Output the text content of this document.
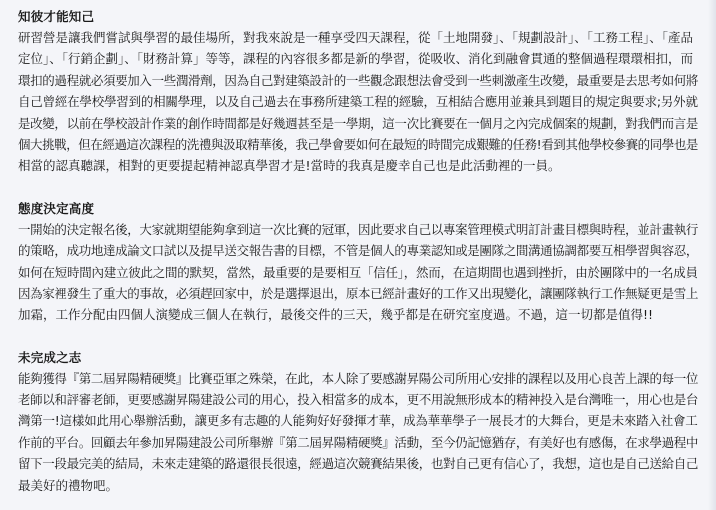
知彼才能知己

研習營是讓我們嘗試與學習的最佳場所，對我來說是一種享受四天課程，從「土地開發」、「規劃設計」、「工務工程」、「產品
定位」、「行銷企劃」、「財務計算」等等，課程的內容很多都是新的學習，從吸收、消化到融會貫通的整個過程環環相扣，而
環扣的過程就必須要加入一些潤滑劑，因為自己對建築設計的一些觀念跟想法會受到一些刺激產生改變，最重要是去思考如何將
自己曾經在學校學習到的相關學理，以及自己過去在事務所建築工程的經驗，互相結合應用並兼具到題目的規定與要求;另外就
是改變，以前在學校設計作業的創作時間都是好幾週甚至是一學期，這一次比賽要在一個月之內完成個案的規劃，對我們而言是
個大挑戰，但在經過這次課程的洗禮與汲取精華後，我己學會要如何在最短的時間完成艱難的任務!看到其他學校參賽的同學也是
相當的認真聽課，相對的更要提起精神認真學習才是!當時的我真是慶幸自己也是此活動裡的一員。

態度決定高度

一開始的決定報名後，大家就期望能夠拿到這一次比賽的冠軍，因此要求自己以專案管理模式明訂計畫目標與時程，並計畫執行
的策略，成功地達成論文口試以及提早送交報告書的目標，不管是個人的專業認知或是團隊之間溝通協調都要互相學習與容忍，
如何在短時間內建立彼此之間的默契，當然，最重要的是要相互「信任」，然而，在這期間也遇到挫折，由於團隊中的一名成員
因為家裡發生了重大的事故，必須趕回家中，於是選擇退出，原本已經計畫好的工作又出現變化，讓團隊執行工作無疑更是雪上
加霜，工作分配由四個人演變成三個人在執行，最後交件的三天，幾乎都是在研究室度過。不過，這一切都是值得!!

未完成之志

能夠獲得『第二屆昇陽精硬獎』比賽亞軍之殊榮，在此，本人除了要感謝昇陽公司所用心安排的課程以及用心良苦上課的每一位
老師以和評審老師，更要感謝昇陽建設公司的用心，投入相當多的成本，更不用說無形成本的精神投入是台灣唯一，用心也是台
灣第一!這樣如此用心舉辦活動，讓更多有志趣的人能夠好好發揮才華，成為華華學子一展長才的大舞台，更是未來踏入社會工
作前的平台。回顧去年參加昇陽建設公司所舉辦『第二屆昇陽精硬獎』活動，至今仍記憶猶存，有美好也有感傷，在求學過程中
留下一段最完美的結局，未來走建築的路還很長很遠，經過這次競賽結果後，也對自己更有信心了，我想，這也是自己送給自己
最美好的禮物吧。
